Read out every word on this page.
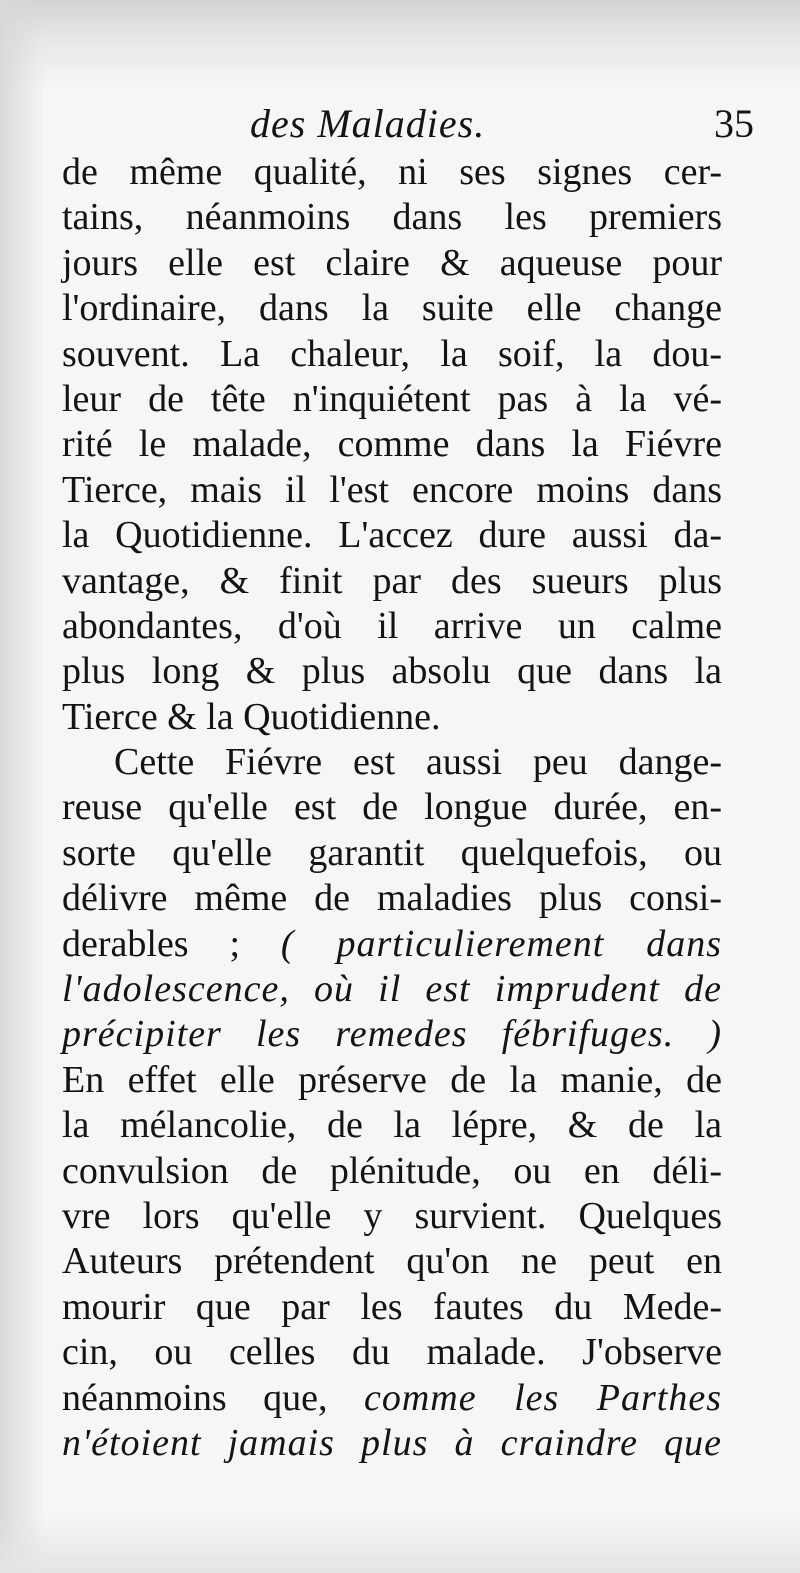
des Maladies.	35
de même qualité, ni ses signes cer-
tains, néanmoins dans les premiers
jours elle est claire & aqueuse pour
l'ordinaire, dans la suite elle change
souvent. La chaleur, la soif, la dou-
leur de tête n'inquiétent pas à la vé-
rité le malade, comme dans la Fiévre
Tierce, mais il l'est encore moins dans
la Quotidienne. L'accez dure aussi da-
vantage, & finit par des sueurs plus
abondantes, d'où il arrive un calme
plus long & plus absolu que dans la
Tierce & la Quotidienne.
Cette Fiévre est aussi peu dange-
reuse qu'elle est de longue durée, en-
sorte qu'elle garantit quelquefois, ou
délivre même de maladies plus consi-
derables ; ( particulierement dans
l'adolescence, où il est imprudent de
précipiter les remedes fébrifuges. )
En effet elle préserve de la manie, de
la mélancolie, de la lépre, & de la
convulsion de plénitude, ou en déli-
vre lors qu'elle y survient. Quelques
Auteurs prétendent qu'on ne peut en
mourir que par les fautes du Mede-
cin, ou celles du malade. J'observe
néanmoins que, comme les Parthes
n'étoient jamais plus à craindre que
